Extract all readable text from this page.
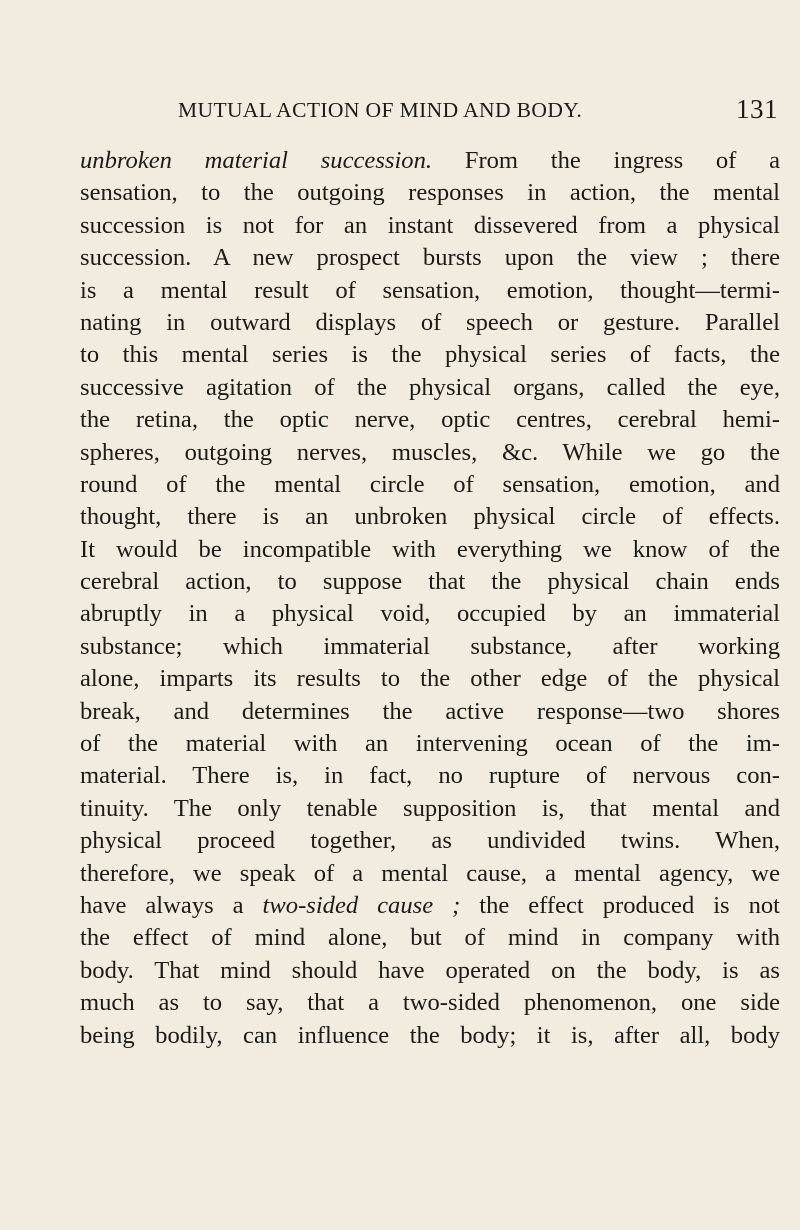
MUTUAL ACTION OF MIND AND BODY.	131
unbroken material succession. From the ingress of a
sensation, to the outgoing responses in action, the mental
succession is not for an instant dissevered from a physical
succession. A new prospect bursts upon the view ; there
is a mental result of sensation, emotion, thought—termi-
nating in outward displays of speech or gesture. Parallel
to this mental series is the physical series of facts, the
successive agitation of the physical organs, called the eye,
the retina, the optic nerve, optic centres, cerebral hemi-
spheres, outgoing nerves, muscles, &c. While we go the
round of the mental circle of sensation, emotion, and
thought, there is an unbroken physical circle of effects.
It would be incompatible with everything we know of the
cerebral action, to suppose that the physical chain ends
abruptly in a physical void, occupied by an immaterial
substance; which immaterial substance, after working
alone, imparts its results to the other edge of the physical
break, and determines the active response—two shores
of the material with an intervening ocean of the im-
material. There is, in fact, no rupture of nervous con-
tinuity. The only tenable supposition is, that mental and
physical proceed together, as undivided twins. When,
therefore, we speak of a mental cause, a mental agency, we
have always a two-sided cause ; the effect produced is not
the effect of mind alone, but of mind in company with
body. That mind should have operated on the body, is as
much as to say, that a two-sided phenomenon, one side
being bodily, can influence the body; it is, after all, body
